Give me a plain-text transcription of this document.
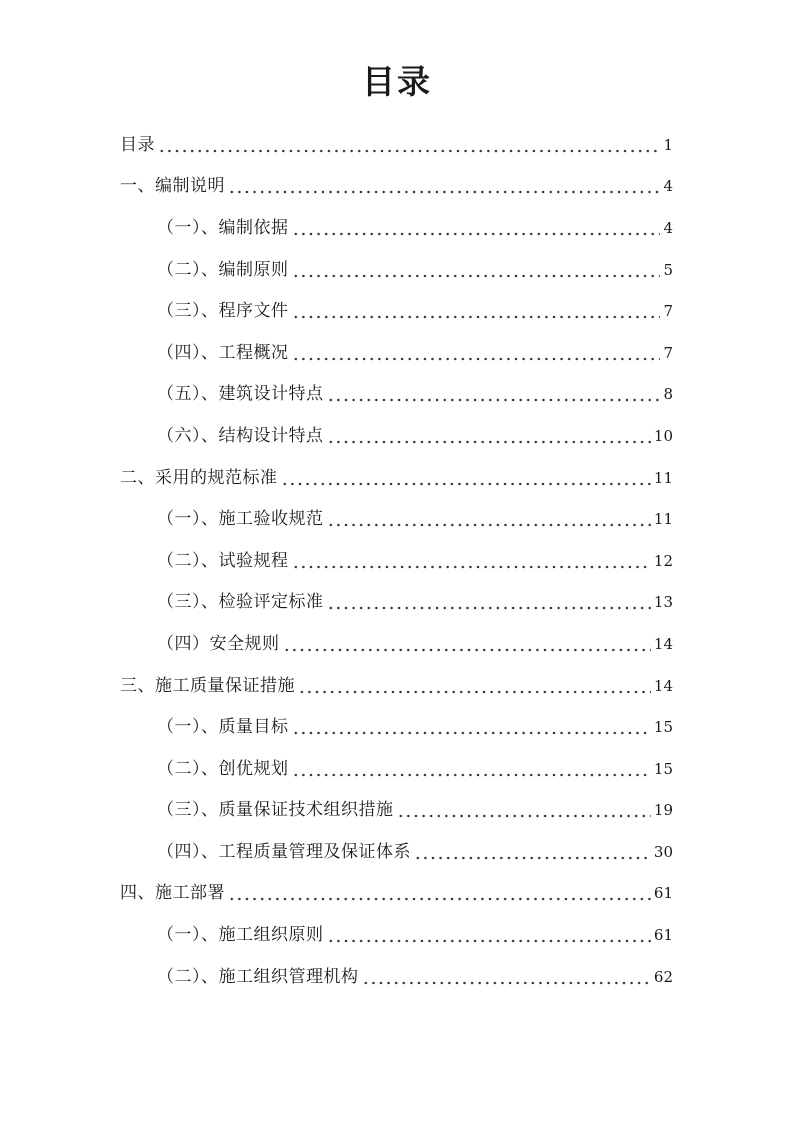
目录
目录	1
一、编制说明	4
（一）、编制依据	4
（二）、编制原则	5
（三）、程序文件	7
（四）、工程概况	7
（五）、建筑设计特点	8
（六）、结构设计特点	10
二、采用的规范标准	11
（一）、施工验收规范	11
（二）、试验规程	12
（三）、检验评定标准	13
（四）安全规则	14
三、施工质量保证措施	14
（一）、质量目标	15
（二）、创优规划	15
（三）、质量保证技术组织措施	19
（四）、工程质量管理及保证体系	30
四、施工部署	61
（一）、施工组织原则	61
（二）、施工组织管理机构	62
